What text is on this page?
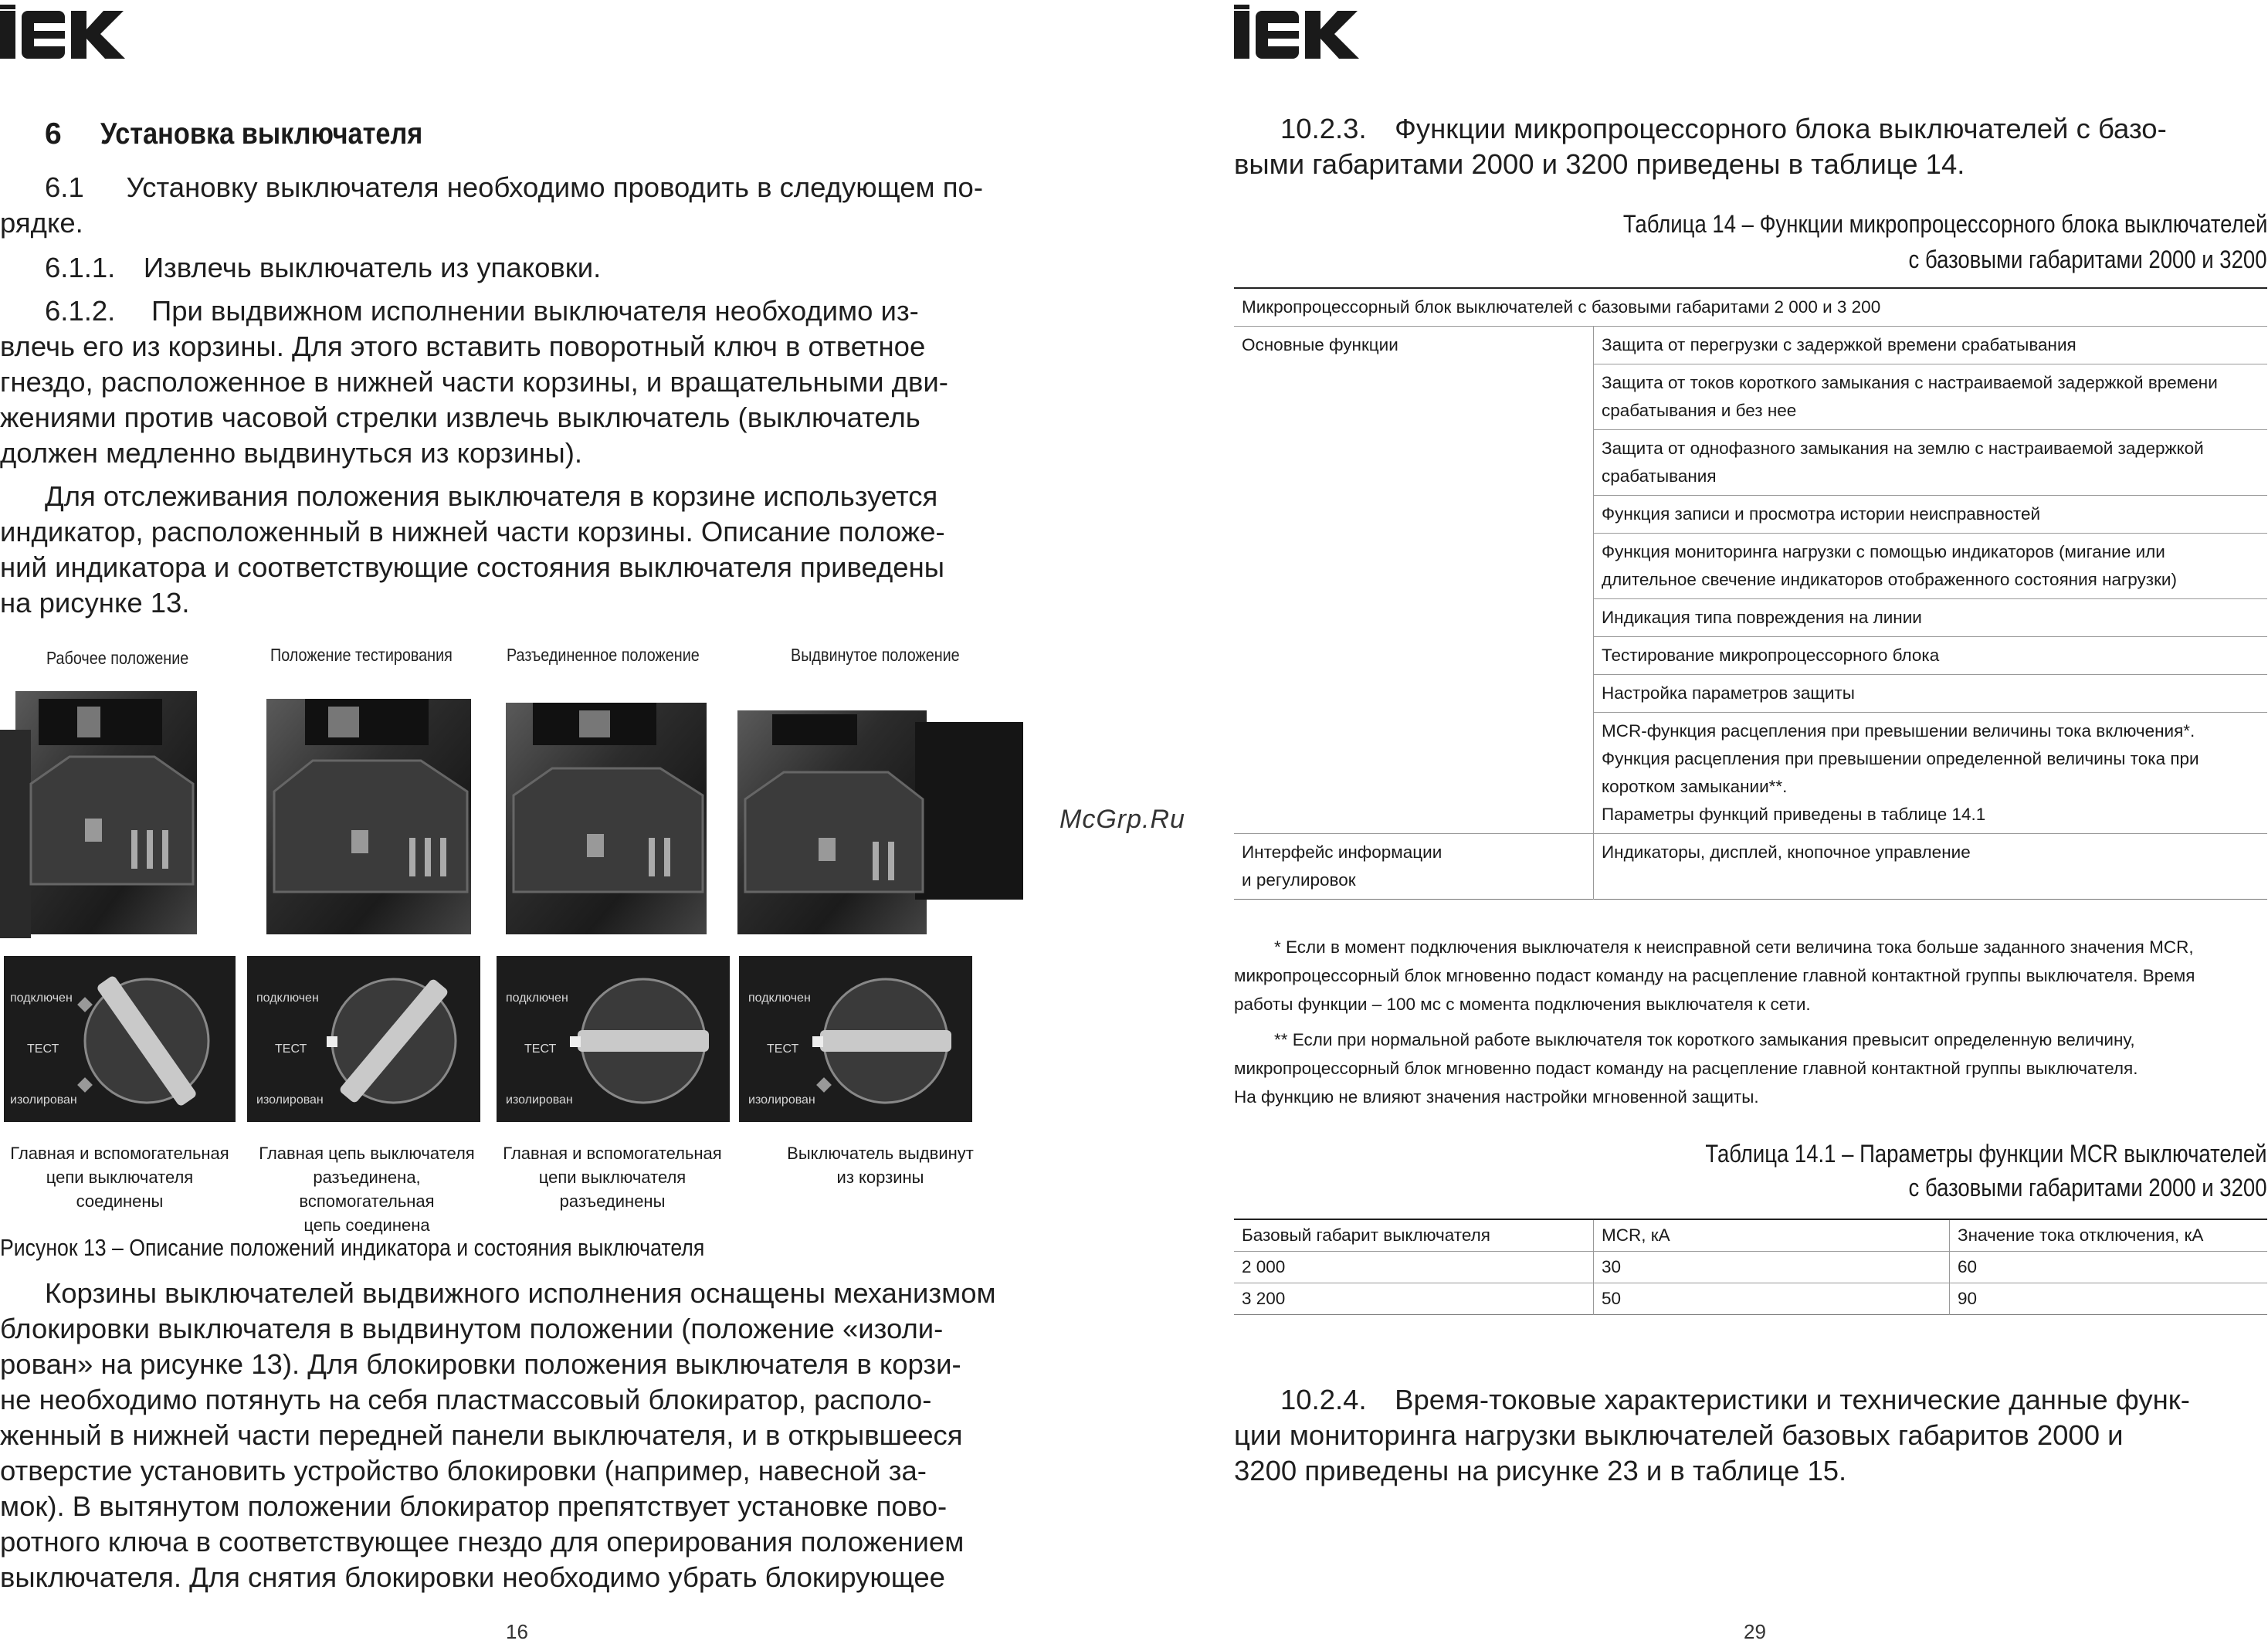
6 Установка выключателя
6.1  Установку выключателя необходимо проводить в следующем по-
рядке.
6.1.1. Извлечь выключатель из упаковки.
6.1.2.  При выдвижном исполнении выключателя необходимо из-
влечь его из корзины. Для этого вставить поворотный ключ в ответное
гнездо, расположенное в нижней части корзины, и вращательными дви-
жениями против часовой стрелки извлечь выключатель (выключатель
должен медленно выдвинуться из корзины).
Для отслеживания положения выключателя в корзине используется
индикатор, расположенный в нижней части корзины. Описание положе-
ний индикатора и соответствующие состояния выключателя приведены
на рисунке 13.
Рабочее положение	Положение тестирования	Разъединенное положение	Выдвинутое положение
подключен
ТЕСТ
изолирован
подключен
ТЕСТ
изолирован
подключен
ТЕСТ
изолирован
подключен
ТЕСТ
изолирован
Главная и вспомогательная
цепи выключателя соединены
Главная цепь выключателя
разъединена, вспомогательная
цепь соединена
Главная и вспомогательная
цепи выключателя
разъединены
Выключатель выдвинут
из корзины
Рисунок 13 – Описание положений индикатора и состояния выключателя
Корзины выключателей выдвижного исполнения оснащены механизмом
блокировки выключателя в выдвинутом положении (положение «изоли-
рован» на рисунке 13). Для блокировки положения выключателя в корзи-
не необходимо потянуть на себя пластмассовый блокиратор, располо-
женный в нижней части передней панели выключателя, и в открывшееся
отверстие установить устройство блокировки (например, навесной за-
мок). В вытянутом положении блокиратор препятствует установке пово-
ротного ключа в соответствующее гнездо для оперирования положением
выключателя. Для снятия блокировки необходимо убрать блокирующее
16
McGrp.Ru
10.2.3. Функции микропроцессорного блока выключателей с базо-
выми габаритами 2000 и 3200 приведены в таблице 14.
Таблица 14 – Функции микропроцессорного блока выключателей
с базовыми габаритами 2000 и 3200
Микропроцессорный блок выключателей с базовыми габаритами 2 000 и 3 200	
Основные функции	Защита от перегрузки с задержкой времени срабатывания

	Защита от токов короткого замыкания с настраиваемой задержкой времени
срабатывания и без нее

	Защита от однофазного замыкания на землю с настраиваемой задержкой
срабатывания

	Функция записи и просмотра истории неисправностей

	Функция мониторинга нагрузки с помощью индикаторов (мигание или
длительное свечение индикаторов отображенного состояния нагрузки)

	Индикация типа повреждения на линии

	Тестирование микропроцессорного блока

	Настройка параметров защиты

	MCR-функция расцепления при превышении величины тока включения*.
Функция расцепления при превышении определенной величины тока при
коротком замыкании**.
Параметры функций приведены в таблице 14.1

Интерфейс информации
и регулировок	Индикаторы, дисплей, кнопочное управление
* Если в момент подключения выключателя к неисправной сети величина тока больше заданного значения MCR,
микропроцессорный блок мгновенно подаст команду на расцепление главной контактной группы выключателя. Время
работы функции – 100 мс с момента подключения выключателя к сети.
** Если при нормальной работе выключателя ток короткого замыкания превысит определенную величину,
микропроцессорный блок мгновенно подаст команду на расцепление главной контактной группы выключателя.
На функцию не влияют значения настройки мгновенной защиты.
Таблица 14.1 – Параметры функции MCR выключателей
с базовыми габаритами 2000 и 3200
Базовый габарит выключателя	MCR, кА	Значение тока отключения, кА
2 000	30	60
3 200	50	90
10.2.4. Время-токовые характеристики и технические данные функ-
ции мониторинга нагрузки выключателей базовых габаритов 2000 и
3200 приведены на рисунке 23 и в таблице 15.
29
